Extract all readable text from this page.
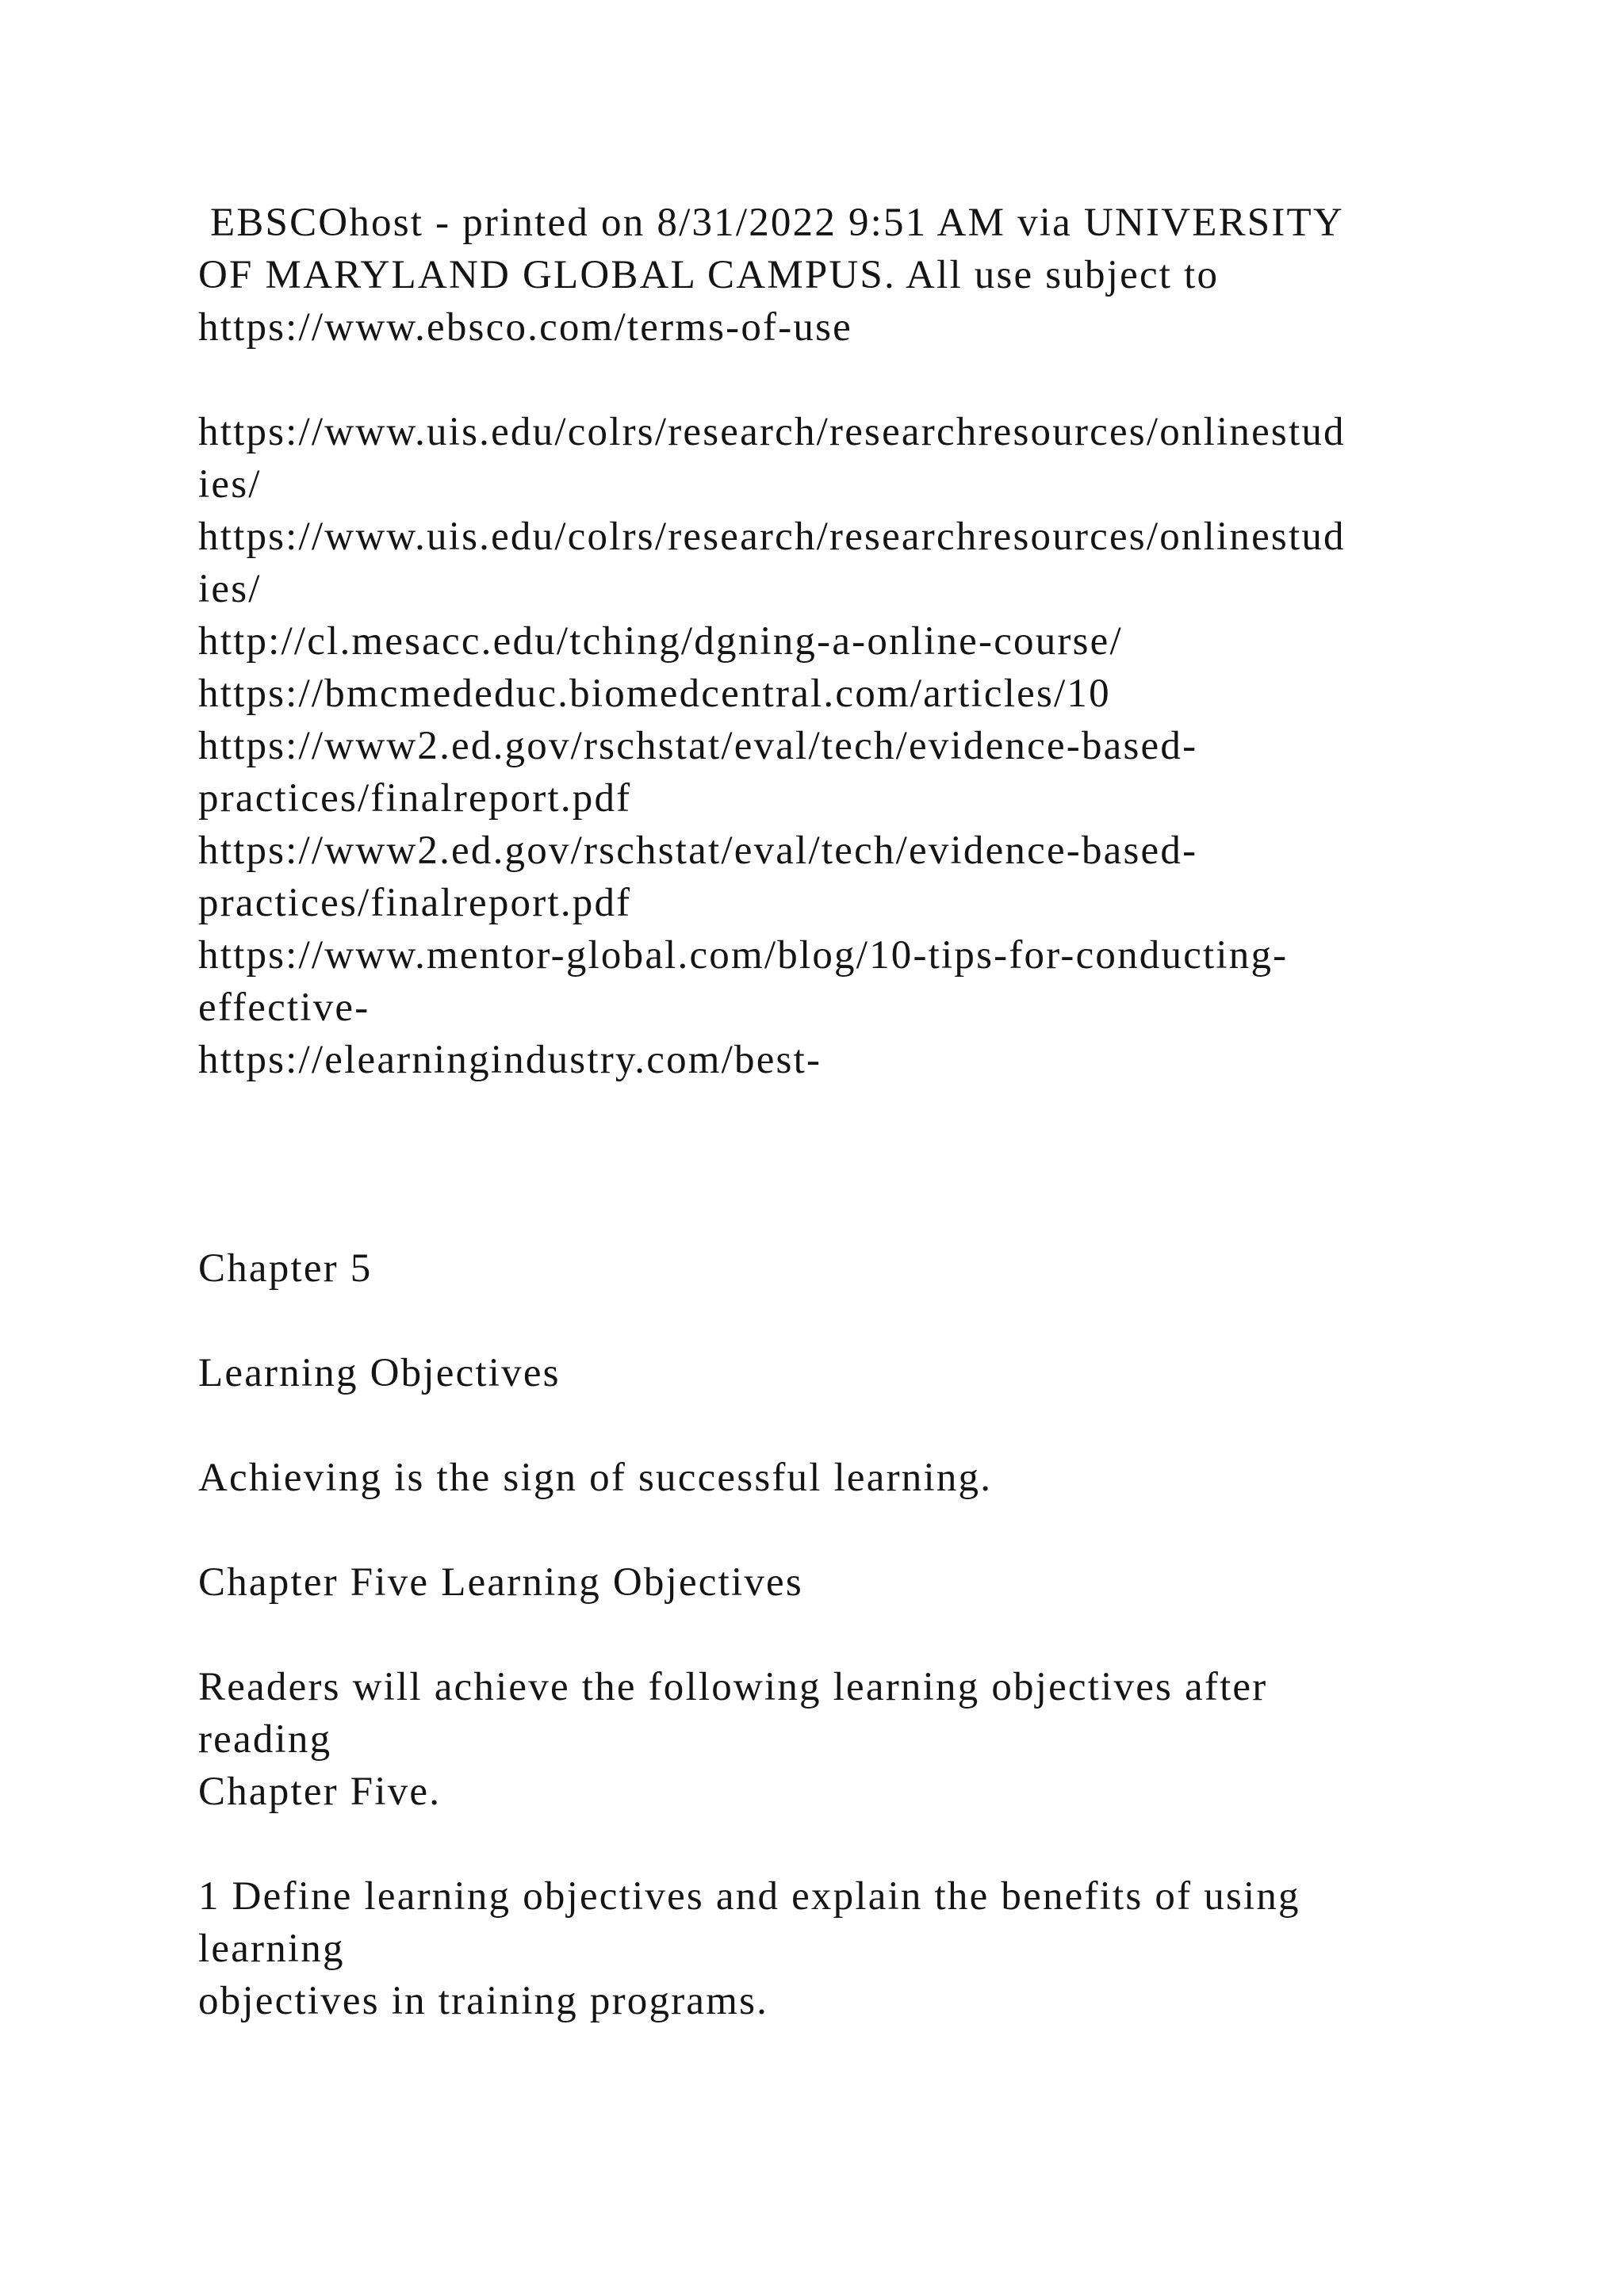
EBSCOhost - printed on 8/31/2022 9:51 AM via UNIVERSITY
OF MARYLAND GLOBAL CAMPUS. All use subject to
https://www.ebsco.com/terms-of-use
https://www.uis.edu/colrs/research/researchresources/onlinestud
ies/
https://www.uis.edu/colrs/research/researchresources/onlinestud
ies/
http://cl.mesacc.edu/tching/dgning-a-online-course/
https://bmcmededuc.biomedcentral.com/articles/10
https://www2.ed.gov/rschstat/eval/tech/evidence-based-
practices/finalreport.pdf
https://www2.ed.gov/rschstat/eval/tech/evidence-based-
practices/finalreport.pdf
https://www.mentor-global.com/blog/10-tips-for-conducting-
effective-
https://elearningindustry.com/best-
Chapter 5
Learning Objectives
Achieving is the sign of successful learning.
Chapter Five Learning Objectives
Readers will achieve the following learning objectives after
reading
Chapter Five.
1 Define learning objectives and explain the benefits of using
learning
objectives in training programs.
